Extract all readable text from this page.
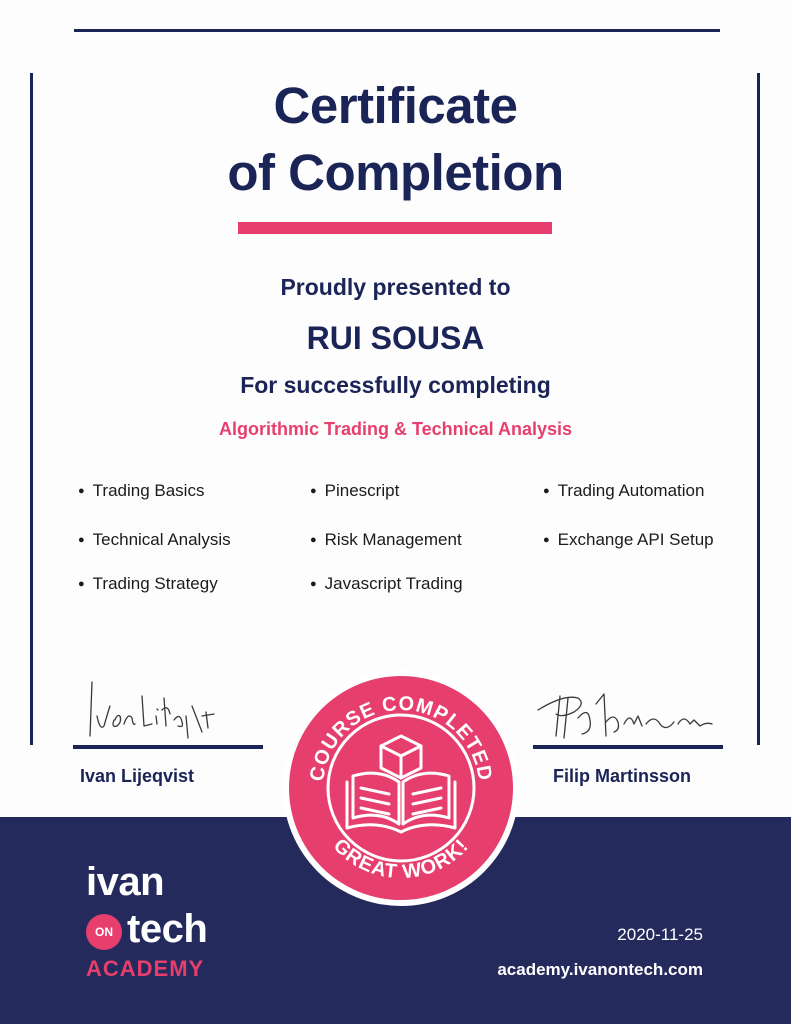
Certificate
of Completion
Proudly presented to
RUI SOUSA
For successfully completing
Algorithmic Trading & Technical Analysis
● Trading Basics
● Technical Analysis
● Trading Strategy
● Pinescript
● Risk Management
● Javascript Trading
● Trading Automation
● Exchange API Setup
Ivan Lijeqvist	Filip Martinsson
COURSE COMPLETED
GREAT WORK!
ivan
ON tech
ACADEMY
2020-11-25
academy.ivanontech.com
